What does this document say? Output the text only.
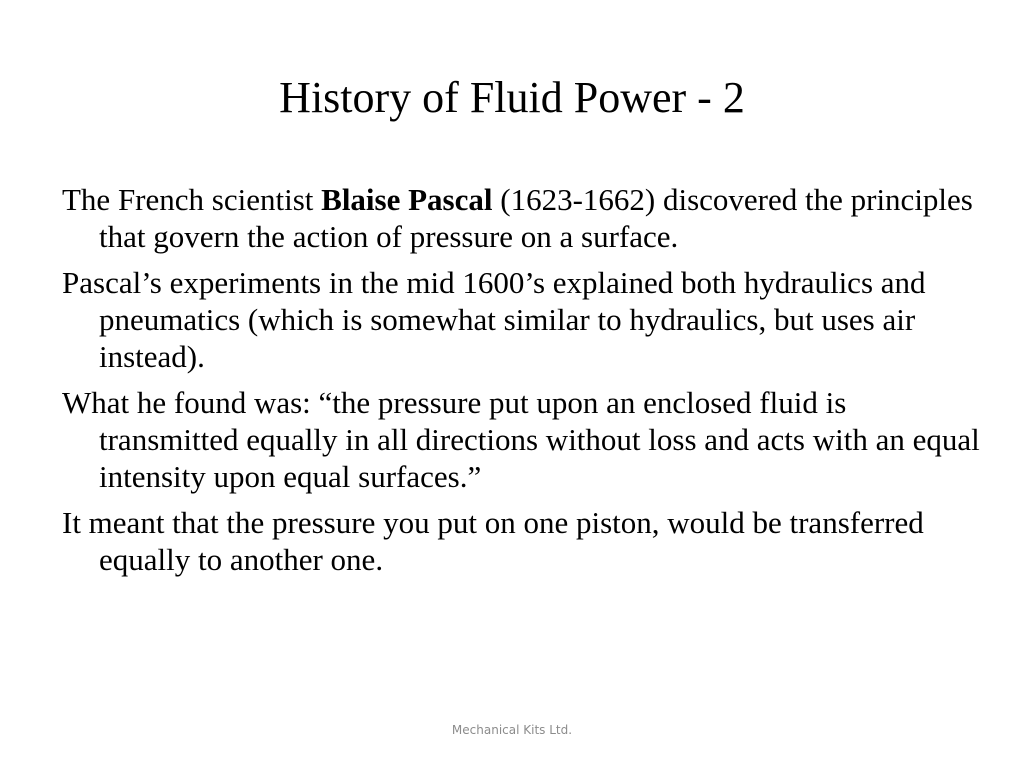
History of Fluid Power - 2
The French scientist Blaise Pascal (1623-1662) discovered the principles that govern the action of pressure on a surface.
Pascal’s experiments in the mid 1600’s explained both hydraulics and pneumatics (which is somewhat similar to hydraulics, but uses air instead).
What he found was: “the pressure put upon an enclosed fluid is transmitted equally in all directions without loss and acts with an equal intensity upon equal surfaces.”
It meant that the pressure you put on one piston, would be transferred equally to another one.
Mechanical Kits Ltd.
